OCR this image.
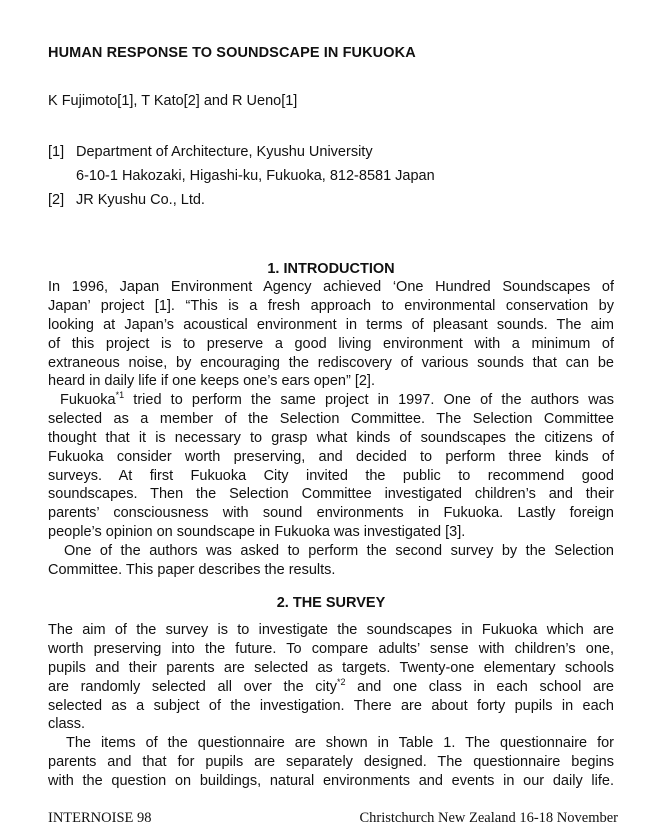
HUMAN RESPONSE TO SOUNDSCAPE IN FUKUOKA
K Fujimoto[1], T Kato[2] and R Ueno[1]
[1] Department of Architecture, Kyushu University
6-10-1 Hakozaki, Higashi-ku, Fukuoka, 812-8581 Japan
[2] JR Kyushu Co., Ltd.
1. INTRODUCTION
In 1996, Japan Environment Agency achieved ‘One Hundred Soundscapes of
Japan’ project [1]. “This is a fresh approach to environmental conservation by
looking at Japan’s acoustical environment in terms of pleasant sounds. The aim
of this project is to preserve a good living environment with a minimum of
extraneous noise, by encouraging the rediscovery of various sounds that can be
heard in daily life if one keeps one’s ears open” [2].
Fukuoka$^{*1}$ tried to perform the same project in 1997. One of the authors was
selected as a member of the Selection Committee. The Selection Committee
thought that it is necessary to grasp what kinds of soundscapes the citizens of
Fukuoka consider worth preserving, and decided to perform three kinds of
surveys. At first Fukuoka City invited the public to recommend good
soundscapes. Then the Selection Committee investigated children’s and their
parents’ consciousness with sound environments in Fukuoka. Lastly foreign
people’s opinion on soundscape in Fukuoka was investigated [3].
One of the authors was asked to perform the second survey by the Selection
Committee. This paper describes the results.
2. THE SURVEY
The aim of the survey is to investigate the soundscapes in Fukuoka which are
worth preserving into the future. To compare adults’ sense with children’s one,
pupils and their parents are selected as targets. Twenty-one elementary schools
are randomly selected all over the city$^{*2}$ and one class in each school are
selected as a subject of the investigation. There are about forty pupils in each
class.
The items of the questionnaire are shown in Table 1. The questionnaire for
parents and that for pupils are separately designed. The questionnaire begins
with the question on buildings, natural environments and events in our daily life.
INTERNOISE 98	Christchurch New Zealand 16-18 November
